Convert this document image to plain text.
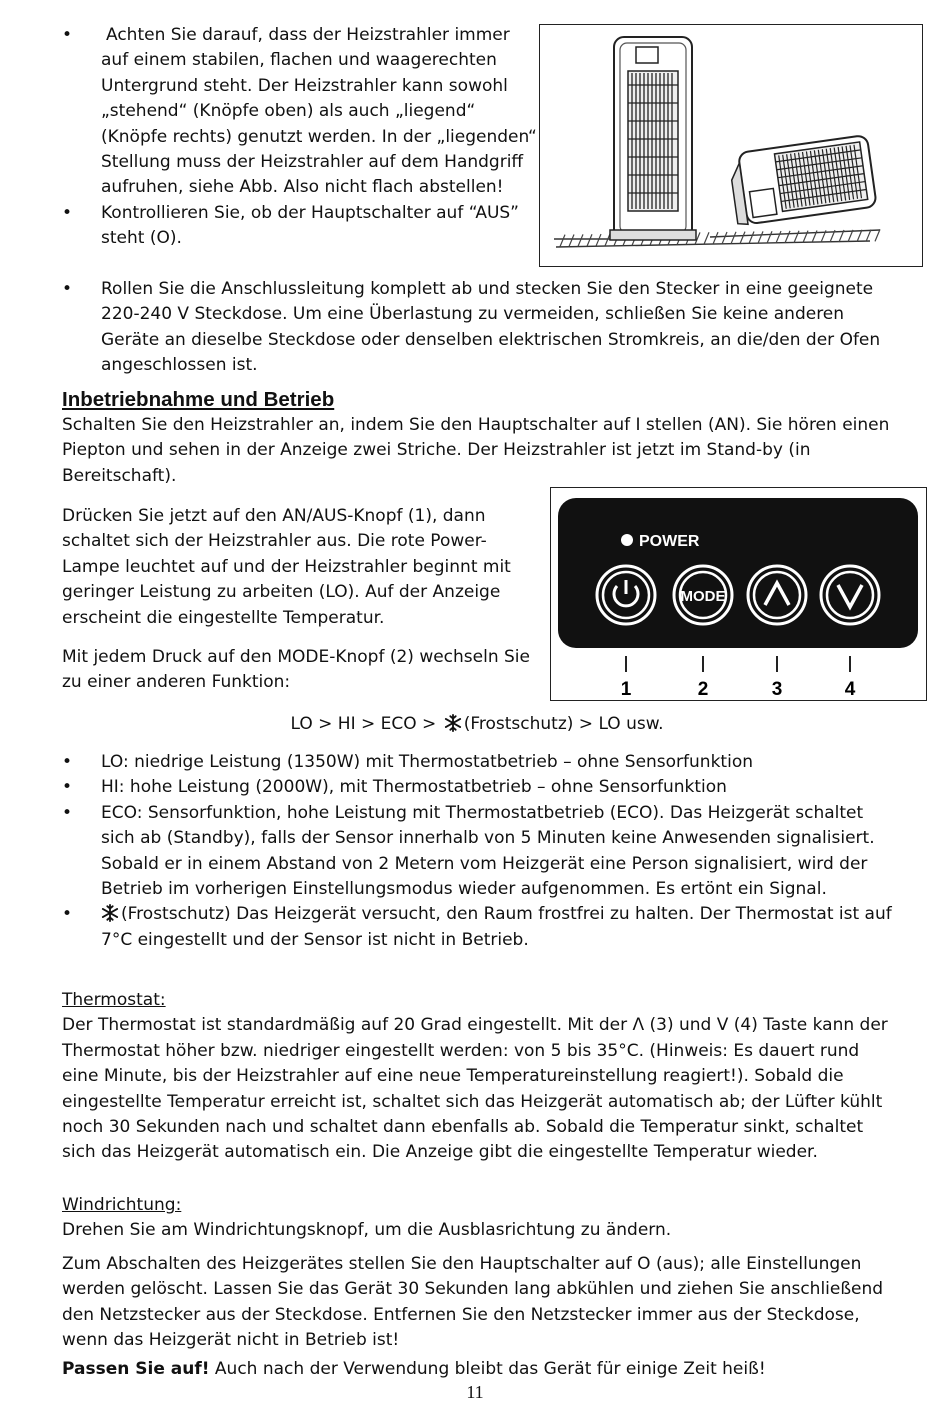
• Achten Sie darauf, dass der Heizstrahler immer auf einem stabilen, flachen und waagerechten Untergrund steht. Der Heizstrahler kann sowohl „stehend“ (Knöpfe oben) als auch „liegend“ (Knöpfe rechts) genutzt werden. In der „liegenden“ Stellung muss der Heizstrahler auf dem Handgriff aufruhen, siehe Abb. Also nicht flach abstellen!
• Kontrollieren Sie, ob der Hauptschalter auf “AUS” steht (O).
• Rollen Sie die Anschlussleitung komplett ab und stecken Sie den Stecker in eine geeignete 220-240 V Steckdose. Um eine Überlastung zu vermeiden, schließen Sie keine anderen Geräte an dieselbe Steckdose oder denselben elektrischen Stromkreis, an die/den der Ofen angeschlossen ist.
Inbetriebnahme und Betrieb

Schalten Sie den Heizstrahler an, indem Sie den Hauptschalter auf I stellen (AN). Sie hören einen Piepton und sehen in der Anzeige zwei Striche. Der Heizstrahler ist jetzt im Stand-by (in Bereitschaft).

Drücken Sie jetzt auf den AN/AUS-Knopf (1), dann schaltet sich der Heizstrahler aus. Die rote Power-Lampe leuchtet auf und der Heizstrahler beginnt mit geringer Leistung zu arbeiten (LO). Auf der Anzeige erscheint die eingestellte Temperatur.

Mit jedem Druck auf den MODE-Knopf (2) wechseln Sie zu einer anderen Funktion:

POWER
MODE
1	2	3	4

LO > HI > ECO > (Frostschutz) > LO usw.

• LO: niedrige Leistung (1350W) mit Thermostatbetrieb – ohne Sensorfunktion
• HI: hohe Leistung (2000W), mit Thermostatbetrieb – ohne Sensorfunktion
• ECO: Sensorfunktion, hohe Leistung mit Thermostatbetrieb (ECO). Das Heizgerät schaltet sich ab (Standby), falls der Sensor innerhalb von 5 Minuten keine Anwesenden signalisiert. Sobald er in einem Abstand von 2 Metern vom Heizgerät eine Person signalisiert, wird der Betrieb im vorherigen Einstellungsmodus wieder aufgenommen. Es ertönt ein Signal.
• (Frostschutz) Das Heizgerät versucht, den Raum frostfrei zu halten. Der Thermostat ist auf 7°C eingestellt und der Sensor ist nicht in Betrieb.
Thermostat:
Der Thermostat ist standardmäßig auf 20 Grad eingestellt. Mit der Λ (3) und V (4) Taste kann der Thermostat höher bzw. niedriger eingestellt werden: von 5 bis 35°C. (Hinweis: Es dauert rund eine Minute, bis der Heizstrahler auf eine neue Temperatureinstellung reagiert!). Sobald die eingestellte Temperatur erreicht ist, schaltet sich das Heizgerät automatisch ab; der Lüfter kühlt noch 30 Sekunden nach und schaltet dann ebenfalls ab. Sobald die Temperatur sinkt, schaltet sich das Heizgerät automatisch ein. Die Anzeige gibt die eingestellte Temperatur wieder.
Windrichtung:
Drehen Sie am Windrichtungsknopf, um die Ausblasrichtung zu ändern.

Zum Abschalten des Heizgerätes stellen Sie den Hauptschalter auf O (aus); alle Einstellungen werden gelöscht. Lassen Sie das Gerät 30 Sekunden lang abkühlen und ziehen Sie anschließend den Netzstecker aus der Steckdose. Entfernen Sie den Netzstecker immer aus der Steckdose, wenn das Heizgerät nicht in Betrieb ist!

Passen Sie auf! Auch nach der Verwendung bleibt das Gerät für einige Zeit heiß!

11
